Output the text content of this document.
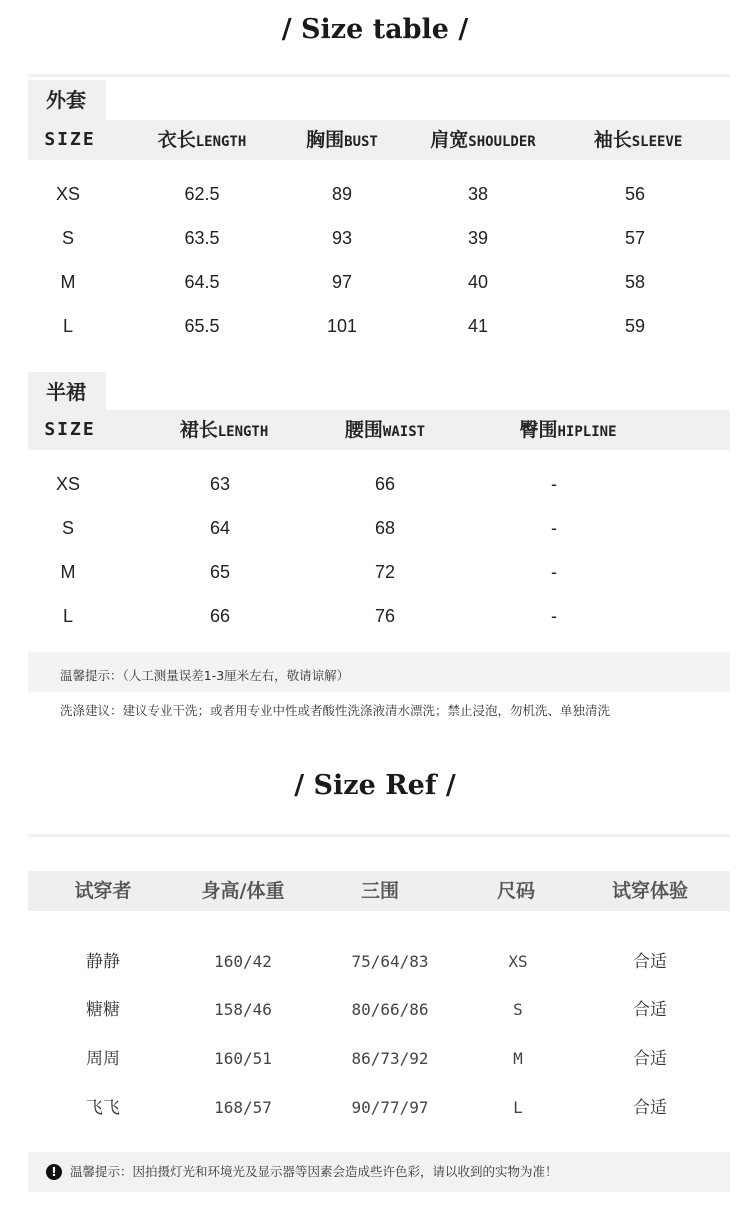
/ Size table /
外套
SIZE	衣长LENGTH	胸围BUST	肩宽SHOULDER	袖长SLEEVE
XS	62.5	89	38	56
S	63.5	93	39	57
M	64.5	97	40	58
L	65.5	101	41	59
半裙
SIZE	裙长LENGTH	腰围WAIST	臀围HIPLINE
XS	63	66	-
S	64	68	-
M	65	72	-
L	66	76	-
温馨提示：（人工测量误差1-3厘米左右，敬请谅解）
洗涤建议：建议专业干洗；或者用专业中性或者酸性洗涤液清水漂洗；禁止浸泡，勿机洗、单独清洗
/ Size Ref /
试穿者	身高/体重	三围	尺码	试穿体验
静静	160/42	75/64/83	XS	合适
糖糖	158/46	80/66/86	S	合适
周周	160/51	86/73/92	M	合适
飞飞	168/57	90/77/97	L	合适
!	温馨提示：因拍摄灯光和环境光及显示器等因素会造成些许色彩，请以收到的实物为准！
